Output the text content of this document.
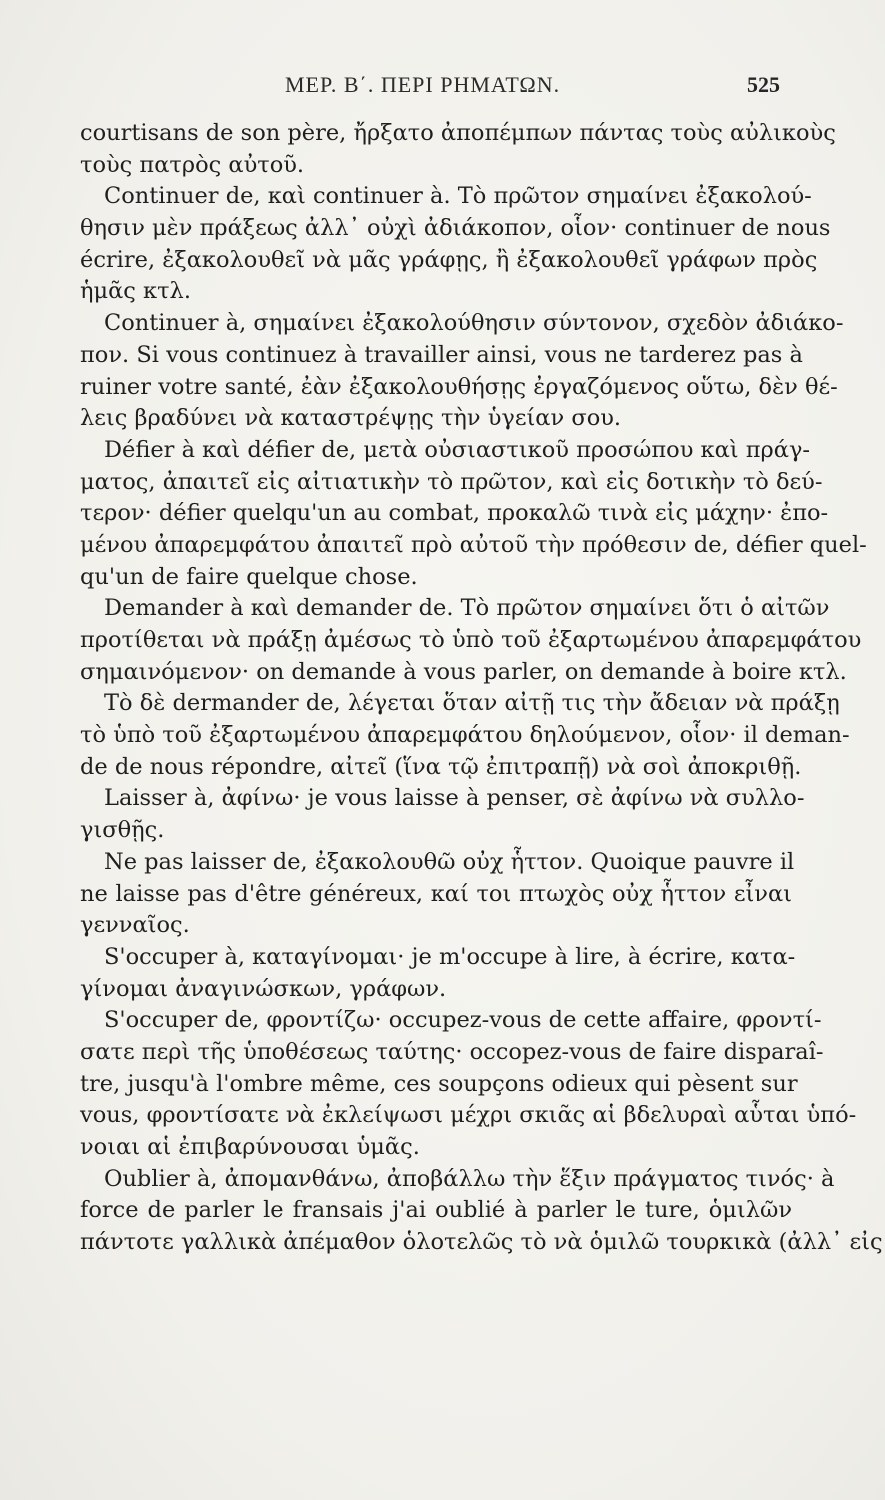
ΜΕΡ. Β΄. ΠΕΡΙ ΡΗΜΑΤΩΝ.	525
courtisans de son père, ἤρξατο ἀποπέμπων πάντας τοὺς αὐλικοὺς
τοὺς πατρὸς αὐτοῦ.
Continuer de, καὶ continuer à. Τὸ πρῶτον σημαίνει ἐξακολού-
θησιν μὲν πράξεως ἀλλ᾽ οὐχὶ ἀδιάκοπον, οἷον· continuer de nous
écrire, ἐξακολουθεῖ νὰ μᾶς γράφῃς, ἢ ἐξακολουθεῖ γράφων πρὸς
ἡμᾶς κτλ.
Continuer à, σημαίνει ἐξακολούθησιν σύντονον, σχεδὸν ἀδιάκο-
πον. Si vous continuez à travailler ainsi, vous ne tarderez pas à
ruiner votre santé, ἐὰν ἐξακολουθήσῃς ἐργαζόμενος οὕτω, δὲν θέ-
λεις βραδύνει νὰ καταστρέψῃς τὴν ὑγείαν σου.
Défier à καὶ défier de, μετὰ οὐσιαστικοῦ προσώπου καὶ πράγ-
ματος, ἀπαιτεῖ εἰς αἰτιατικὴν τὸ πρῶτον, καὶ εἰς δοτικὴν τὸ δεύ-
τερον· défier quelqu'un au combat, προκαλῶ τινὰ εἰς μάχην· ἐπο-
μένου ἀπαρεμφάτου ἀπαιτεῖ πρὸ αὐτοῦ τὴν πρόθεσιν de, défier quel-
qu'un de faire quelque chose.
Demander à καὶ demander de. Τὸ πρῶτον σημαίνει ὅτι ὁ αἰτῶν
προτίθεται νὰ πράξῃ ἀμέσως τὸ ὑπὸ τοῦ ἐξαρτωμένου ἀπαρεμφάτου
σημαινόμενον· on demande à vous parler, on demande à boire κτλ.
Τὸ δὲ dermander de, λέγεται ὅταν αἰτῇ τις τὴν ἄδειαν νὰ πράξῃ
τὸ ὑπὸ τοῦ ἐξαρτωμένου ἀπαρεμφάτου δηλούμενον, οἷον· il deman-
de de nous répondre, αἰτεῖ (ἵνα τῷ ἐπιτραπῇ) νὰ σοὶ ἀποκριθῇ.
Laisser à, ἀφίνω· je vous laisse à penser, σὲ ἀφίνω νὰ συλλο-
γισθῇς.
Ne pas laisser de, ἐξακολουθῶ οὐχ ἧττον. Quoique pauvre il
ne laisse pas d'être généreux, καί τοι πτωχὸς οὐχ ἧττον εἶναι
γενναῖος.
S'occuper à, καταγίνομαι· je m'occupe à lire, à écrire, κατα-
γίνομαι ἀναγινώσκων, γράφων.
S'occuper de, φροντίζω· occupez-vous de cette affaire, φροντί-
σατε περὶ τῆς ὑποθέσεως ταύτης· occopez-vous de faire disparaî-
tre, jusqu'à l'ombre même, ces soupçons odieux qui pèsent sur
vous, φροντίσατε νὰ ἐκλείψωσι μέχρι σκιᾶς αἱ βδελυραὶ αὗται ὑπό-
νοιαι αἱ ἐπιβαρύνουσαι ὑμᾶς.
Oublier à, ἀπομανθάνω, ἀποβάλλω τὴν ἕξιν πράγματος τινός· à
force de parler le fransais j'ai oublié à parler le ture, ὁμιλῶν
πάντοτε γαλλικὰ ἀπέμαθον ὁλοτελῶς τὸ νὰ ὁμιλῶ τουρκικὰ (ἀλλ᾽ εἰς
